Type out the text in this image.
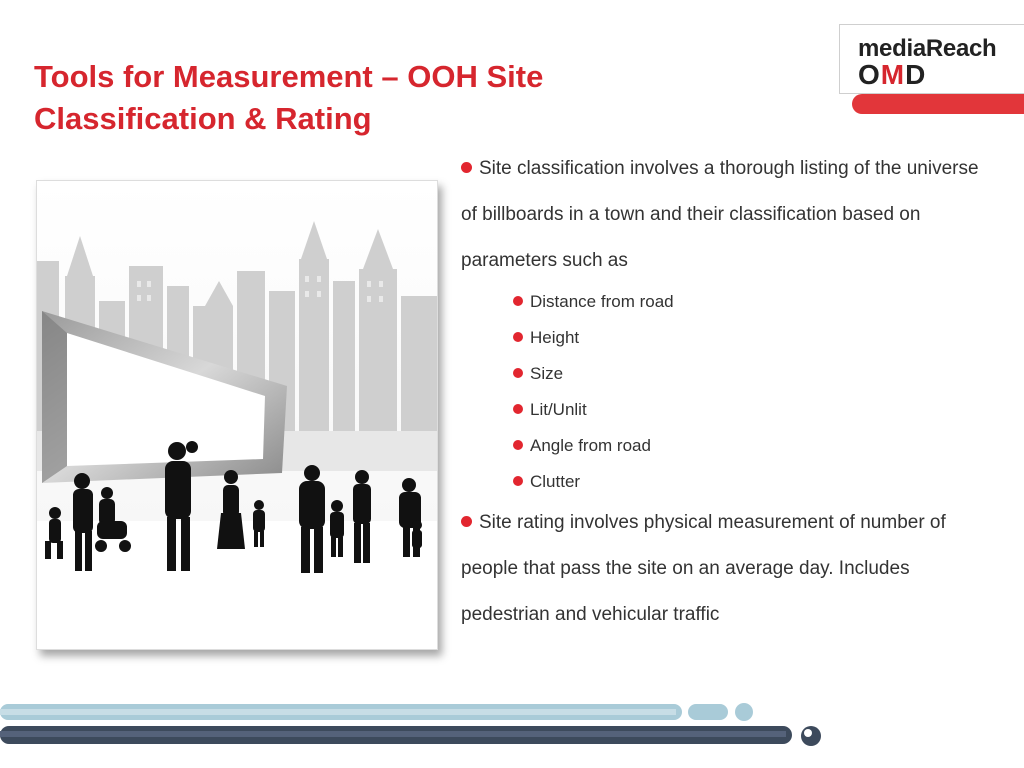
Tools for Measurement – OOH Site Classification & Rating
mediaReach
OMD
Site classification involves a thorough listing of the universe of billboards in a town and their classification based on parameters such as
Distance from road
Height
Size
Lit/Unlit
Angle from road
Clutter
Site rating involves physical measurement of number of people that pass the site on an average day. Includes pedestrian and vehicular traffic
